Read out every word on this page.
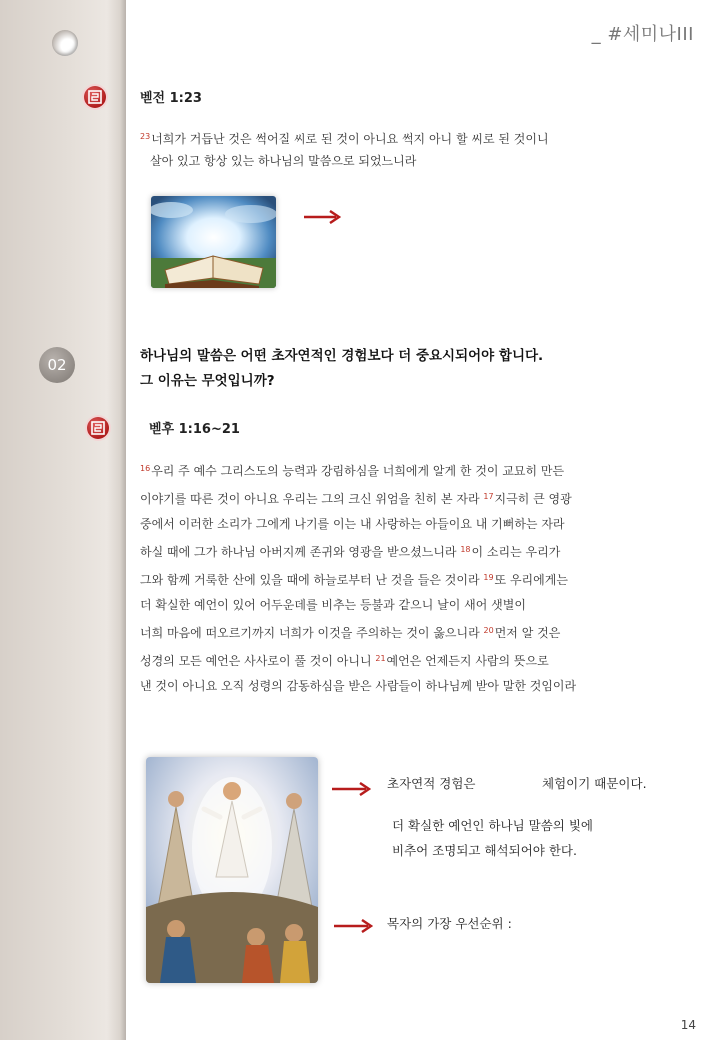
_ #세미나III
벧전 1:23
$^{23}$너희가 거듭난 것은 썩어질 씨로 된 것이 아니요 썩지 아니 할 씨로 된 것이니
살아 있고 항상 있는 하나님의 말씀으로 되었느니라
02	하나님의 말씀은 어떤 초자연적인 경험보다 더 중요시되어야 합니다.
그 이유는 무엇입니까?
벧후 1:16~21
$^{16}$우리 주 예수 그리스도의 능력과 강림하심을 너희에게 알게 한 것이 교묘히 만든
이야기를 따른 것이 아니요 우리는 그의 크신 위엄을 친히 본 자라 $^{17}$지극히 큰 영광
중에서 이러한 소리가 그에게 나기를 이는 내 사랑하는 아들이요 내 기뻐하는 자라
하실 때에 그가 하나님 아버지께 존귀와 영광을 받으셨느니라 $^{18}$이 소리는 우리가
그와 함께 거룩한 산에 있을 때에 하늘로부터 난 것을 들은 것이라 $^{19}$또 우리에게는
더 확실한 예언이 있어 어두운데를 비추는 등불과 같으니 날이 새어 샛별이
너희 마음에 떠오르기까지 너희가 이것을 주의하는 것이 옳으니라 $^{20}$먼저 알 것은
성경의 모든 예언은 사사로이 풀 것이 아니니 $^{21}$예언은 언제든지 사람의 뜻으로
낸 것이 아니요 오직 성령의 감동하심을 받은 사람들이 하나님께 받아 말한 것임이라
초자연적 경험은	체험이기 때문이다.
더 확실한 예언인 하나님 말씀의 빛에
비추어 조명되고 해석되어야 한다.
목자의 가장 우선순위 :
14
